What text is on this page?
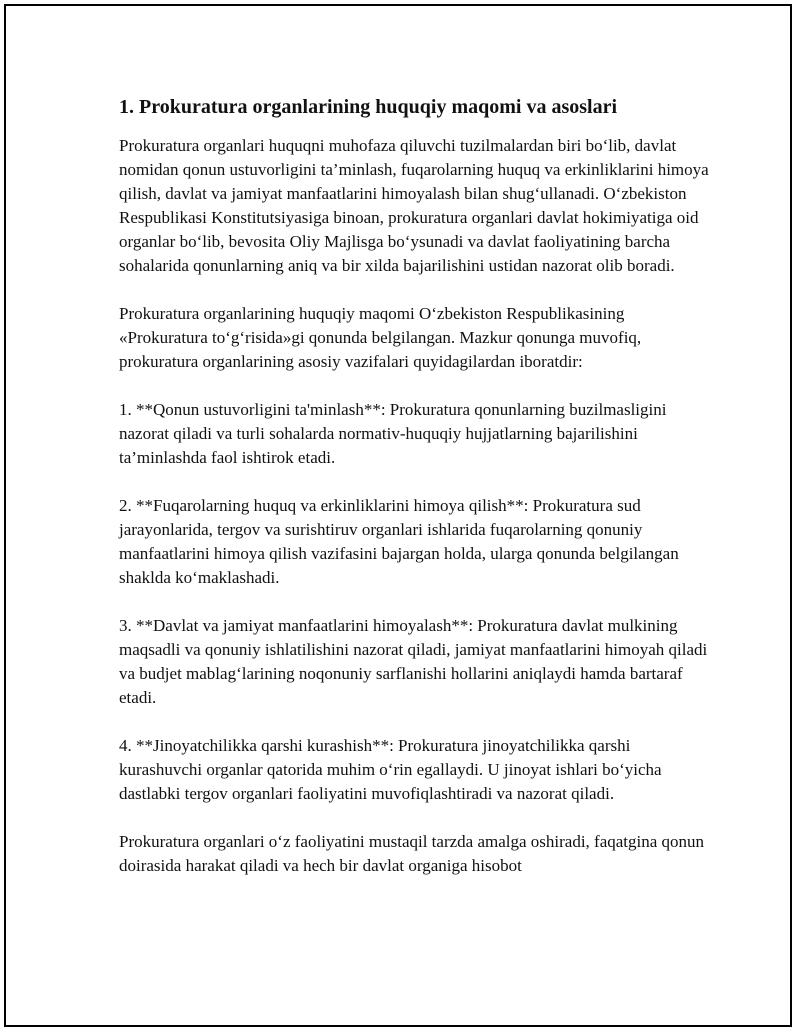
1. Prokuratura organlarining huquqiy maqomi va asoslari

Prokuratura organlari huquqni muhofaza qiluvchi tuzilmalardan biri bo‘lib, davlat nomidan qonun ustuvorligini ta’minlash, fuqarolarning huquq va erkinliklarini himoya qilish, davlat va jamiyat manfaatlarini himoyalash bilan shug‘ullanadi. O‘zbekiston Respublikasi Konstitutsiyasiga binoan, prokuratura organlari davlat hokimiyatiga oid organlar bo‘lib, bevosita Oliy Majlisga bo‘ysunadi va davlat faoliyatining barcha sohalarida qonunlarning aniq va bir xilda bajarilishini ustidan nazorat olib boradi.

Prokuratura organlarining huquqiy maqomi O‘zbekiston Respublikasining «Prokuratura to‘g‘risida»gi qonunda belgilangan. Mazkur qonunga muvofiq, prokuratura organlarining asosiy vazifalari quyidagilardan iboratdir:

1. **Qonun ustuvorligini ta'minlash**: Prokuratura qonunlarning buzilmasligini nazorat qiladi va turli sohalarda normativ-huquqiy hujjatlarning bajarilishini ta’minlashda faol ishtirok etadi.

2. **Fuqarolarning huquq va erkinliklarini himoya qilish**: Prokuratura sud jarayonlarida, tergov va surishtiruv organlari ishlarida fuqarolarning qonuniy manfaatlarini himoya qilish vazifasini bajargan holda, ularga qonunda belgilangan shaklda ko‘maklashadi.

3. **Davlat va jamiyat manfaatlarini himoyalash**: Prokuratura davlat mulkining maqsadli va qonuniy ishlatilishini nazorat qiladi, jamiyat manfaatlarini himoyah qiladi va budjet mablag‘larining noqonuniy sarflanishi hollarini aniqlaydi hamda bartaraf etadi.

4. **Jinoyatchilikka qarshi kurashish**: Prokuratura jinoyatchilikka qarshi kurashuvchi organlar qatorida muhim o‘rin egallaydi. U jinoyat ishlari bo‘yicha dastlabki tergov organlari faoliyatini muvofiqlashtiradi va nazorat qiladi.

Prokuratura organlari o‘z faoliyatini mustaqil tarzda amalga oshiradi, faqatgina qonun doirasida harakat qiladi va hech bir davlat organiga hisobot
